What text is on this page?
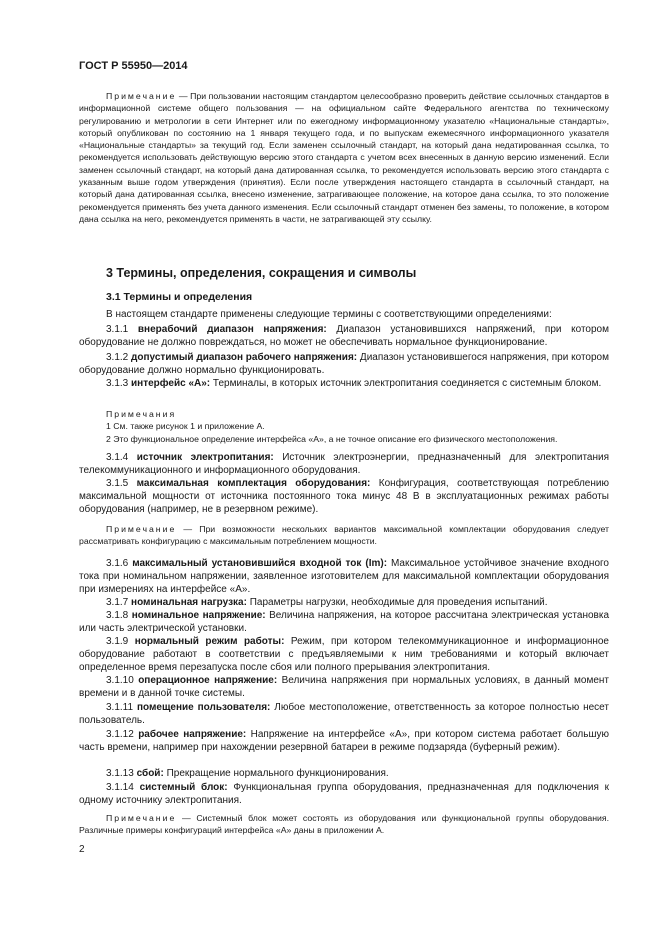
ГОСТ Р 55950—2014

Примечание — При пользовании настоящим стандартом целесообразно проверить действие ссылочных стандартов в информационной системе общего пользования — на официальном сайте Федерального агентства по техническому регулированию и метрологии в сети Интернет или по ежегодному информационному указателю «Национальные стандарты», который опубликован по состоянию на 1 января текущего года, и по выпускам ежемесячного информационного указателя «Национальные стандарты» за текущий год. Если заменен ссылочный стандарт, на который дана недатированная ссылка, то рекомендуется использовать действующую версию этого стандарта с учетом всех внесенных в данную версию изменений. Если заменен ссылочный стандарт, на который дана датированная ссылка, то рекомендуется использовать версию этого стандарта с указанным выше годом утверждения (принятия). Если после утверждения настоящего стандарта в ссылочный стандарт, на который дана датированная ссылка, внесено изменение, затрагивающее положение, на которое дана ссылка, то это положение рекомендуется применять без учета данного изменения. Если ссылочный стандарт отменен без замены, то положение, в котором дана ссылка на него, рекомендуется применять в части, не затрагивающей эту ссылку.

3 Термины, определения, сокращения и символы
3.1 Термины и определения

В настоящем стандарте применены следующие термины с соответствующими определениями:

3.1.1 внерабочий диапазон напряжения: Диапазон установившихся напряжений, при котором оборудование не должно повреждаться, но может не обеспечивать нормальное функционирование.

3.1.2 допустимый диапазон рабочего напряжения: Диапазон установившегося напряжения, при котором оборудование должно нормально функционировать.

3.1.3 интерфейс «А»: Терминалы, в которых источник электропитания соединяется с системным блоком.

Примечания
1 См. также рисунок 1 и приложение А.
2 Это функциональное определение интерфейса «А», а не точное описание его физического местоположения.

3.1.4 источник электропитания: Источник электроэнергии, предназначенный для электропитания телекоммуникационного и информационного оборудования.

3.1.5 максимальная комплектация оборудования: Конфигурация, соответствующая потреблению максимальной мощности от источника постоянного тока минус 48 В в эксплуатационных режимах работы оборудования (например, не в резервном режиме).

Примечание — При возможности нескольких вариантов максимальной комплектации оборудования следует рассматривать конфигурацию с максимальным потреблением мощности.

3.1.6 максимальный установившийся входной ток (Im): Максимальное устойчивое значение входного тока при номинальном напряжении, заявленное изготовителем для максимальной комплектации оборудования при измерениях на интерфейсе «А».

3.1.7 номинальная нагрузка: Параметры нагрузки, необходимые для проведения испытаний.

3.1.8 номинальное напряжение: Величина напряжения, на которое рассчитана электрическая установка или часть электрической установки.

3.1.9 нормальный режим работы: Режим, при котором телекоммуникационное и информационное оборудование работают в соответствии с предъявляемыми к ним требованиями и который включает определенное время перезапуска после сбоя или полного прерывания электропитания.

3.1.10 операционное напряжение: Величина напряжения при нормальных условиях, в данный момент времени и в данной точке системы.

3.1.11 помещение пользователя: Любое местоположение, ответственность за которое полностью несет пользователь.

3.1.12 рабочее напряжение: Напряжение на интерфейсе «А», при котором система работает большую часть времени, например при нахождении резервной батареи в режиме подзаряда (буферный режим).

3.1.13 сбой: Прекращение нормального функционирования.

3.1.14 системный блок: Функциональная группа оборудования, предназначенная для подключения к одному источнику электропитания.

Примечание — Системный блок может состоять из оборудования или функциональной группы оборудования. Различные примеры конфигураций интерфейса «А» даны в приложении А.

2
